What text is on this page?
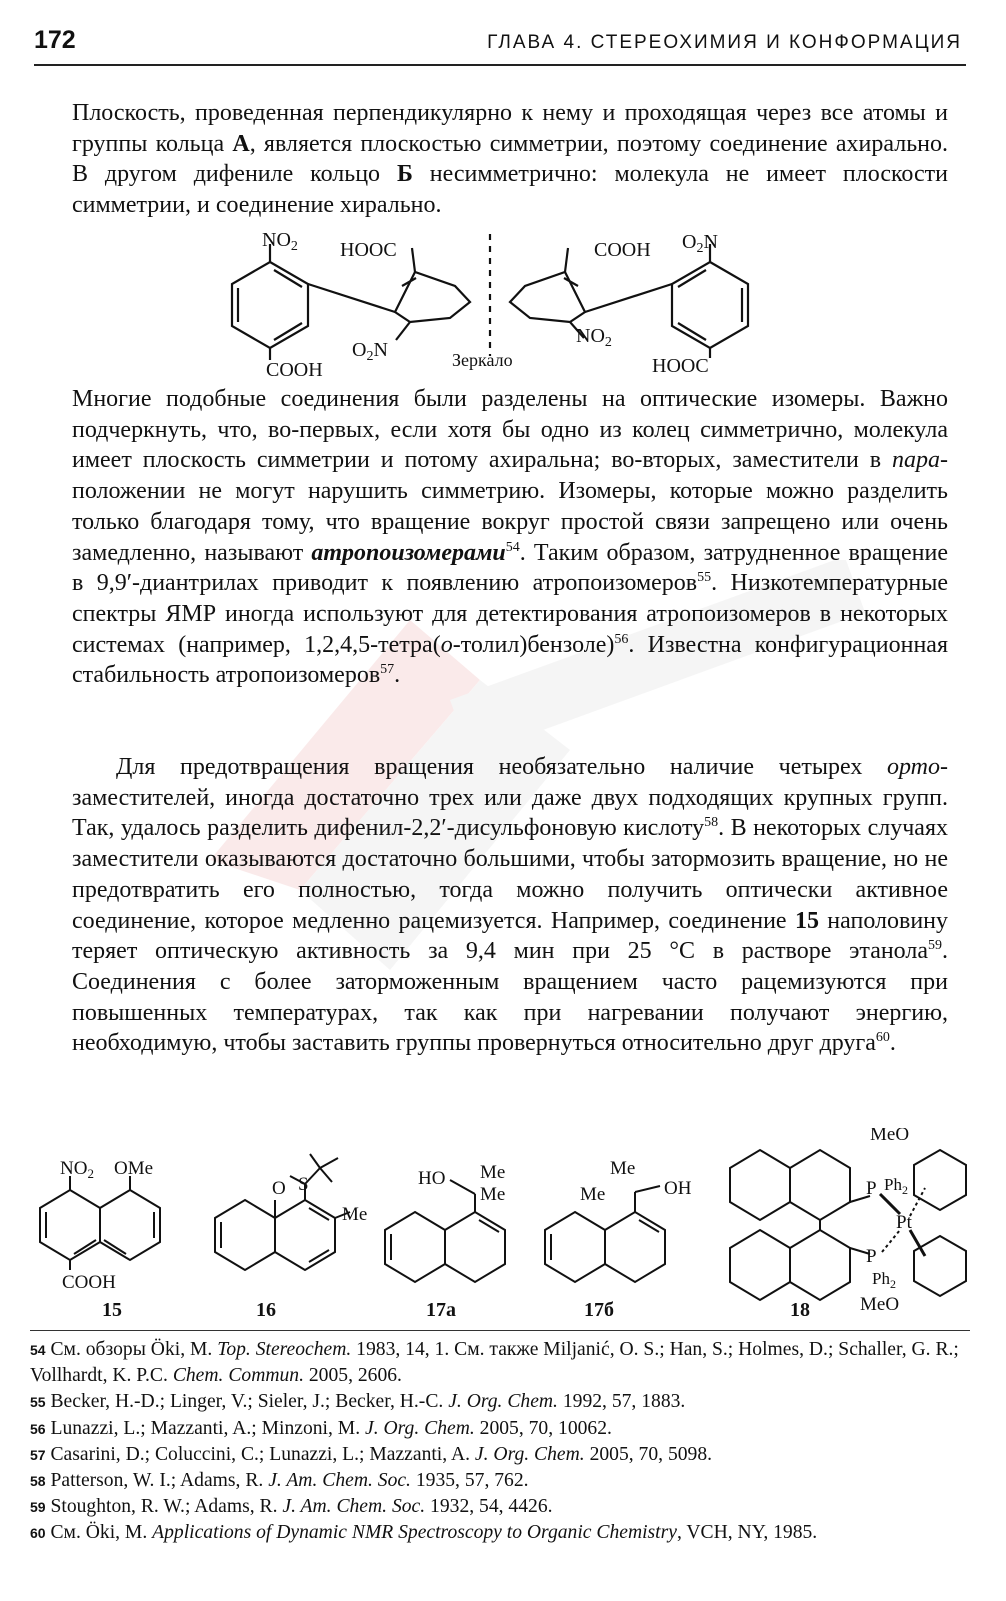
172	ГЛАВА 4. СТЕРЕОХИМИЯ И КОНФОРМАЦИЯ

Плоскость, проведенная перпендикулярно к нему и проходящая через все атомы и группы кольца А, является плоскостью симметрии, поэтому соединение ахирально. В другом дифениле кольцо Б несимметрично: молекула не имеет плоскости симметрии, и соединение хирально.

$NO_2$ HOOC
COOH
$O_2N$	Зеркало
COOH $O_2N$
$NO_2$
HOOC

Многие подобные соединения были разделены на оптические изомеры. Важно подчеркнуть, что, во-первых, если хотя бы одно из колец симметрично, молекула имеет плоскость симметрии и потому ахиральна; во-вторых, заместители в пара-положении не могут нарушить симметрию. Изомеры, которые можно разделить только благодаря тому, что вращение вокруг простой связи запрещено или очень замедленно, называют атропоизомерами$^{54}$. Таким образом, затрудненное вращение в 9,9′-диантрилах приводит к появлению атропоизомеров$^{55}$. Низкотемпературные спектры ЯМР иногда используют для детектирования атропоизомеров в некоторых системах (например, 1,2,4,5-тетра(о-толил)бензоле)$^{56}$. Известна конфигурационная стабильность атропоизомеров$^{57}$.

Для предотвращения вращения необязательно наличие четырех орто-заместителей, иногда достаточно трех или даже двух подходящих крупных групп. Так, удалось разделить дифенил-2,2′-дисульфоновую кислоту$^{58}$. В некоторых случаях заместители оказываются достаточно большими, чтобы затормозить вращение, но не предотвратить его полностью, тогда можно получить оптически активное соединение, которое медленно рацемизуется. Например, соединение 15 наполовину теряет оптическую активность за 9,4 мин при 25 °C в растворе этанола$^{59}$. Соединения с более заторможенным вращением часто рацемизуются при повышенных температурах, так как при нагревании получают энергию, необходимую, чтобы заставить группы провернуться относительно друг друга$^{60}$.

$NO_2$ OMe
COOH
O S
Me
HO Me
Me
Me
Me	OH
MeO
P $Ph_2$
Pt
P
$Ph_2$
MeO
15	16	17а	17б	18
54 См. обзоры Öki, M. Top. Stereochem. 1983, 14, 1. См. также Miljanić, O. S.; Han, S.; Holmes, D.; Schaller, G. R.; Vollhardt, K. P.C. Chem. Commun. 2005, 2606.
55 Becker, H.-D.; Linger, V.; Sieler, J.; Becker, H.-C. J. Org. Chem. 1992, 57, 1883.
56 Lunazzi, L.; Mazzanti, A.; Minzoni, M. J. Org. Chem. 2005, 70, 10062.
57 Casarini, D.; Coluccini, C.; Lunazzi, L.; Mazzanti, A. J. Org. Chem. 2005, 70, 5098.
58 Patterson, W. I.; Adams, R. J. Am. Chem. Soc. 1935, 57, 762.
59 Stoughton, R. W.; Adams, R. J. Am. Chem. Soc. 1932, 54, 4426.
60 См. Öki, M. Applications of Dynamic NMR Spectroscopy to Organic Chemistry, VCH, NY, 1985.
